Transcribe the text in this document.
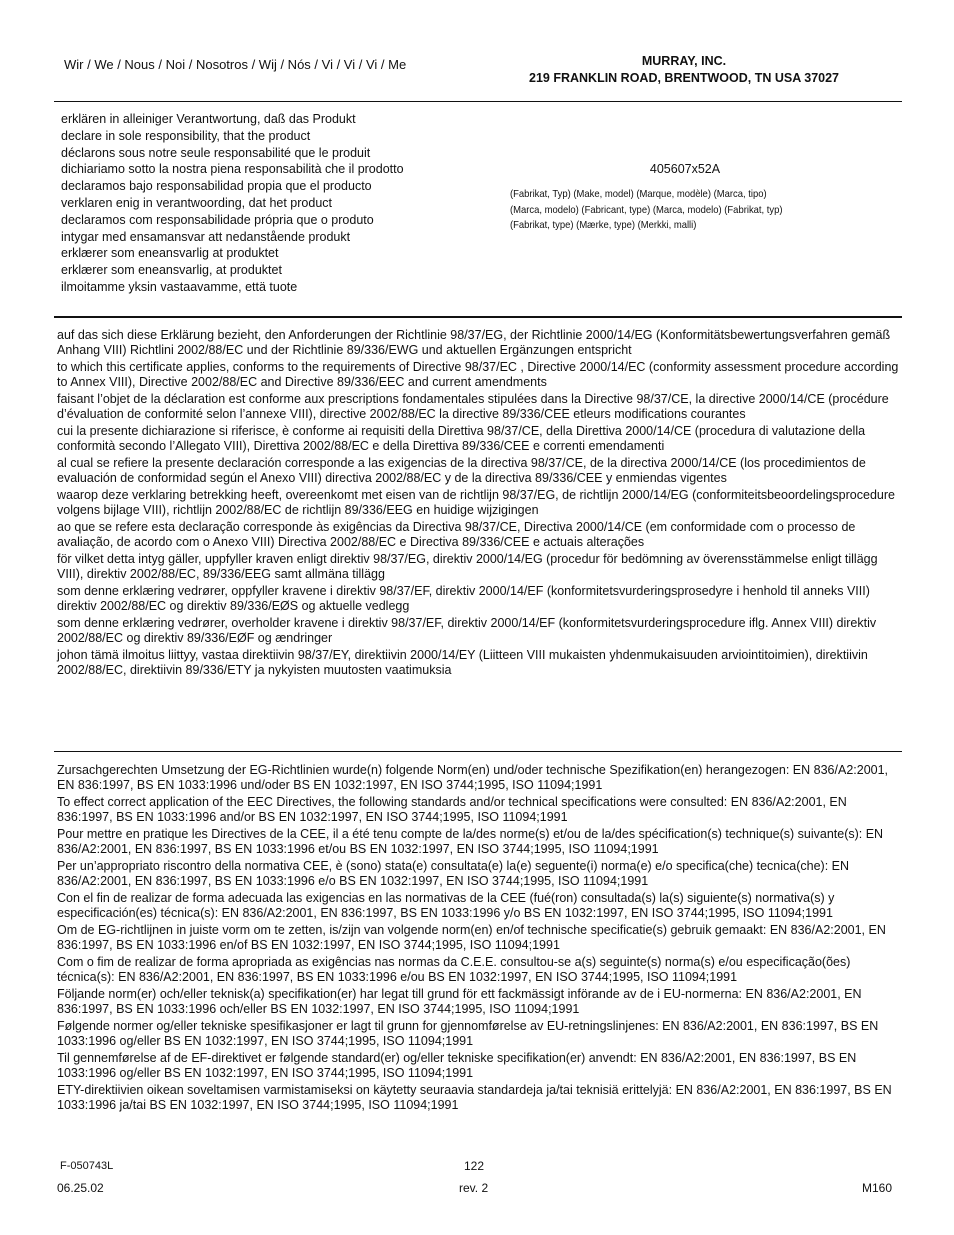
Wir / We / Nous / Noi / Nosotros / Wij / Nós / Vi / Vi / Vi / Me	MURRAY, INC.
219 FRANKLIN ROAD, BRENTWOOD, TN USA 37027
erklären in alleiniger Verantwortung, daß das Produkt
declare in sole responsibility, that the product
déclarons sous notre seule responsabilité que le produit
dichiariamo sotto la nostra piena responsabilità che il prodotto
declaramos bajo responsabilidad propia que el producto
verklaren enig in verantwoording, dat het product
declaramos com responsabilidade própria que o produto
intygar med ensamansvar att nedanstående produkt
erklærer som eneansvarlig at produktet
erklærer som eneansvarlig, at produktet
ilmoitamme yksin vastaavamme, että tuote
405607x52A
(Fabrikat, Typ) (Make, model) (Marque, modèle) (Marca, tipo)
(Marca, modelo) (Fabricant, type) (Marca, modelo) (Fabrikat, typ)
(Fabrikat, type) (Mærke, type) (Merkki, malli)

auf das sich diese Erklärung bezieht, den Anforderungen der Richtlinie 98/37/EG, der Richtlinie 2000/14/EG (Konformitätsbewertungsverfahren gemäß Anhang VIII) Richtlini 2002/88/EC und der Richtlinie 89/336/EWG und aktuellen Ergänzungen entspricht

to which this certificate applies, conforms to the requirements of Directive 98/37/EC , Directive 2000/14/EC (conformity assessment procedure according to Annex VIII), Directive 2002/88/EC and Directive 89/336/EEC and current amendments

faisant l’objet de la déclaration est conforme aux prescriptions fondamentales stipulées dans la Directive 98/37/CE, la directive 2000/14/CE (procédure d’évaluation de conformité selon l’annexe VIII), directive 2002/88/EC la directive 89/336/CEE etleurs modifications courantes

cui la presente dichiarazione si riferisce, è conforme ai requisiti della Direttiva 98/37/CE, della Direttiva 2000/14/CE (procedura di valutazione della conformità secondo l’Allegato VIII), Direttiva 2002/88/EC e della Direttiva 89/336/CEE e correnti emendamenti

al cual se refiere la presente declaración corresponde a las exigencias de la directiva 98/37/CE, de la directiva 2000/14/CE (los procedimientos de evaluación de conformidad según el Anexo VIII) directiva 2002/88/EC y de la directiva 89/336/CEE y enmiendas vigentes

waarop deze verklaring betrekking heeft, overeenkomt met eisen van de richtlijn 98/37/EG, de richtlijn 2000/14/EG (conformiteitsbeoordelingsprocedure volgens bijlage VIII), richtlijn 2002/88/EC de richtlijn 89/336/EEG en huidige wijzigingen

ao que se refere esta declaração corresponde às exigências da Directiva 98/37/CE, Directiva 2000/14/CE (em conformidade com o processo de avaliação, de acordo com o Anexo VIII) Directiva 2002/88/EC e Directiva 89/336/CEE e actuais alterações

för vilket detta intyg gäller, uppfyller kraven enligt direktiv 98/37/EG, direktiv 2000/14/EG (procedur för bedömning av överensstämmelse enligt tillägg VIII), direktiv 2002/88/EC, 89/336/EEG samt allmäna tillägg

som denne erklæring vedrører, oppfyller kravene i direktiv 98/37/EF, direktiv 2000/14/EF (konformitetsvurderingsprosedyre i henhold til anneks VIII) direktiv 2002/88/EC og direktiv 89/336/EØS og aktuelle vedlegg

som denne erklæring vedrører, overholder kravene i direktiv 98/37/EF, direktiv 2000/14/EF (konformitetsvurderingsprocedure iflg. Annex VIII) direktiv 2002/88/EC og direktiv 89/336/EØF og ændringer

johon tämä ilmoitus liittyy, vastaa direktiivin 98/37/EY, direktiivin 2000/14/EY (Liitteen VIII mukaisten yhdenmukaisuuden arviointitoimien), direktiivin 2002/88/EC, direktiivin 89/336/ETY ja nykyisten muutosten vaatimuksia

Zursachgerechten Umsetzung der EG-Richtlinien wurde(n) folgende Norm(en) und/oder technische Spezifikation(en) herangezogen: EN 836/A2:2001, EN 836:1997, BS EN 1033:1996 und/oder BS EN 1032:1997, EN ISO 3744;1995, ISO 11094;1991

To effect correct application of the EEC Directives, the following standards and/or technical specifications were consulted: EN 836/A2:2001, EN 836:1997, BS EN 1033:1996 and/or BS EN 1032:1997, EN ISO 3744;1995, ISO 11094;1991

Pour mettre en pratique les Directives de la CEE, il a été tenu compte de la/des norme(s) et/ou de la/des spécification(s) technique(s) suivante(s): EN 836/A2:2001, EN 836:1997, BS EN 1033:1996 et/ou BS EN 1032:1997, EN ISO 3744;1995, ISO 11094;1991

Per un’appropriato riscontro della normativa CEE, è (sono) stata(e) consultata(e) la(e) seguente(i) norma(e) e/o specifica(che) tecnica(che): EN 836/A2:2001, EN 836:1997, BS EN 1033:1996 e/o BS EN 1032:1997, EN ISO 3744;1995, ISO 11094;1991

Con el fin de realizar de forma adecuada las exigencias en las normativas de la CEE (fué(ron) consultada(s) la(s) siguiente(s) normativa(s) y especificación(es) técnica(s): EN 836/A2:2001, EN 836:1997, BS EN 1033:1996 y/o BS EN 1032:1997, EN ISO 3744;1995, ISO 11094;1991

Om de EG-richtlijnen in juiste vorm om te zetten, is/zijn van volgende norm(en) en/of technische specificatie(s) gebruik gemaakt: EN 836/A2:2001, EN 836:1997, BS EN 1033:1996 en/of BS EN 1032:1997, EN ISO 3744;1995, ISO 11094;1991

Com o fim de realizar de forma apropriada as exigências nas normas da C.E.E. consultou-se a(s) seguinte(s) norma(s) e/ou especificação(ões) técnica(s): EN 836/A2:2001, EN 836:1997, BS EN 1033:1996 e/ou BS EN 1032:1997, EN ISO 3744;1995, ISO 11094;1991

Följande norm(er) och/eller teknisk(a) specifikation(er) har legat till grund för ett fackmässigt införande av de i EU-normerna: EN 836/A2:2001, EN 836:1997, BS EN 1033:1996 och/eller BS EN 1032:1997, EN ISO 3744;1995, ISO 11094;1991

Følgende normer og/eller tekniske spesifikasjoner er lagt til grunn for gjennomførelse av EU-retningslinjenes: EN 836/A2:2001, EN 836:1997, BS EN 1033:1996 og/eller BS EN 1032:1997, EN ISO 3744;1995, ISO 11094;1991

Til gennemførelse af de EF-direktivet er følgende standard(er) og/eller tekniske specifikation(er) anvendt: EN 836/A2:2001, EN 836:1997, BS EN 1033:1996 og/eller BS EN 1032:1997, EN ISO 3744;1995, ISO 11094;1991

ETY-direktiivien oikean soveltamisen varmistamiseksi on käytetty seuraavia standardeja ja/tai teknisiä erittelyjä: EN 836/A2:2001, EN 836:1997, BS EN 1033:1996 ja/tai BS EN 1032:1997, EN ISO 3744;1995, ISO 11094;1991

F-050743L	122
06.25.02	rev. 2	M160
